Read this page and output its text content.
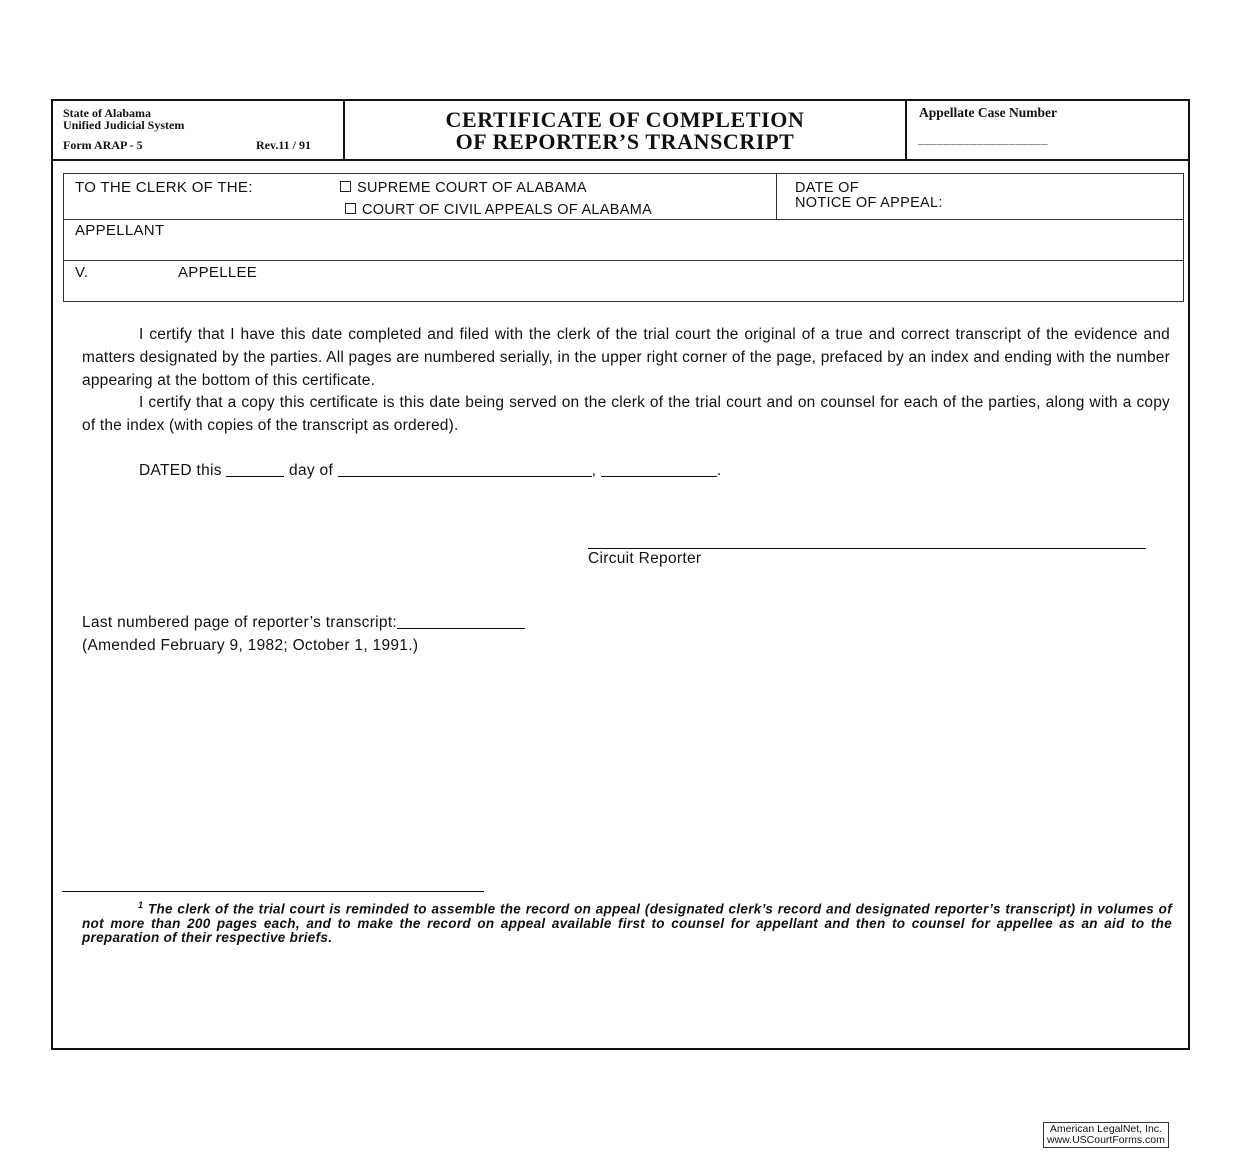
State of Alabama
Unified Judicial System
Form ARAP - 5	Rev.11 / 91
CERTIFICATE OF COMPLETION
OF REPORTER’S TRANSCRIPT
Appellate Case Number
____________________
TO THE CLERK OF THE:	SUPREME COURT OF ALABAMA
COURT OF CIVIL APPEALS OF ALABAMA
DATE OF
NOTICE OF APPEAL:
APPELLANT
V.	APPELLEE
I certify that I have this date completed and filed with the clerk of the trial court the original of a true and correct transcript of the evidence and matters designated by the parties. All pages are numbered serially, in the upper right corner of the page, prefaced by an index and ending with the number appearing at the bottom of this certificate.
I certify that a copy this certificate is this date being served on the clerk of the trial court and on counsel for each of the parties, along with a copy of the index (with copies of the transcript as ordered).
DATED this	day of	,	.
Circuit Reporter
Last numbered page of reporter’s transcript:
(Amended February 9, 1982; October 1, 1991.)
$^1$ The clerk of the trial court is reminded to assemble the record on appeal (designated clerk’s record and designated reporter’s transcript) in volumes of not more than 200 pages each, and to make the record on appeal available first to counsel for appellant and then to counsel for appellee as an aid to the preparation of their respective briefs.
American LegalNet, Inc.
www.USCourtForms.com
